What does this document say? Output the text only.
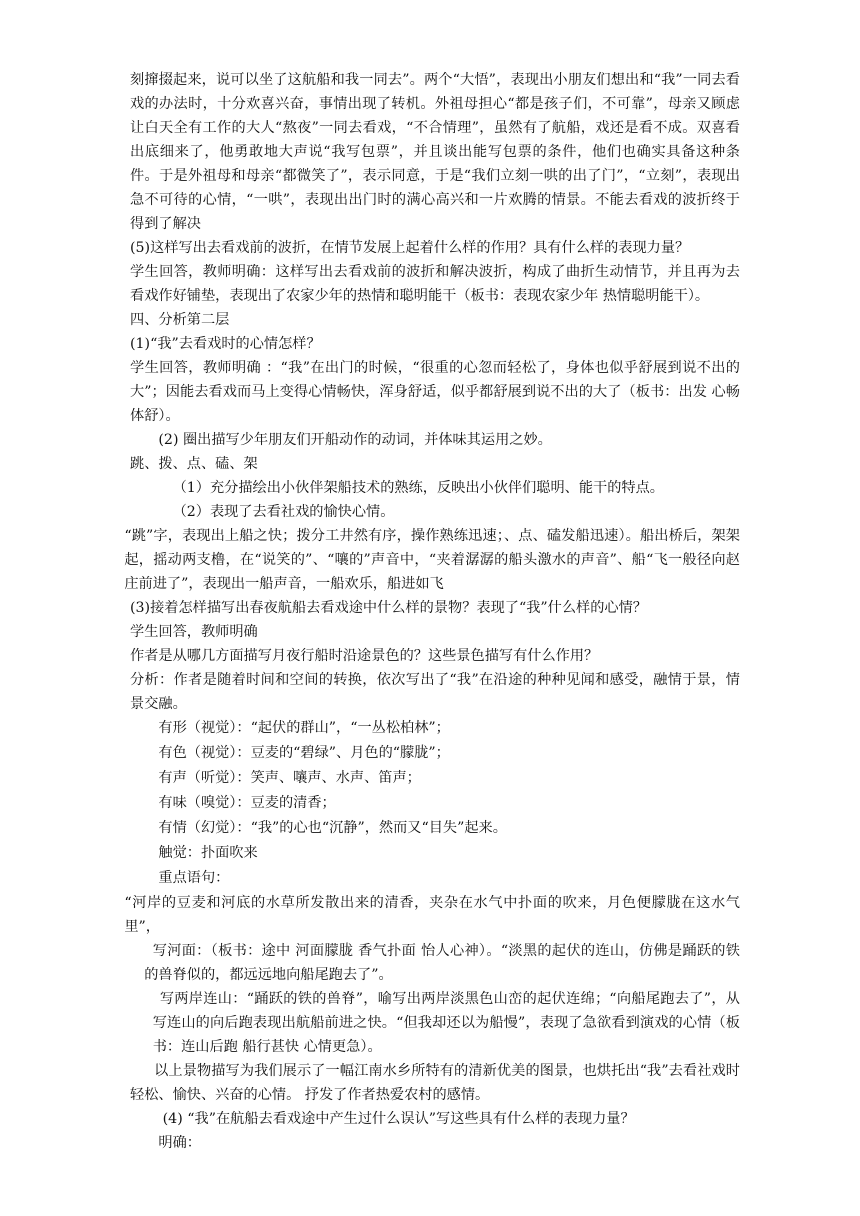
刻撺掇起来，说可以坐了这航船和我一同去”。两个“大悟”，表现出小朋友们想出和“我”一同去看戏的办法时，十分欢喜兴奋，事情出现了转机。外祖母担心“都是孩子们，不可靠”，母亲又顾虑让白天全有工作的大人“熬夜”一同去看戏，“不合情理”，虽然有了航船，戏还是看不成。双喜看出底细来了，他勇敢地大声说“我写包票”，并且谈出能写包票的条件，他们也确实具备这种条件。于是外祖母和母亲“都微笑了”，表示同意，于是“我们立刻一哄的出了门”，“立刻”，表现出急不可待的心情，“一哄”，表现出出门时的满心高兴和一片欢腾的情景。不能去看戏的波折终于得到了解决

(5)这样写出去看戏前的波折，在情节发展上起着什么样的作用？具有什么样的表现力量？

学生回答，教师明确：这样写出去看戏前的波折和解决波折，构成了曲折生动情节，并且再为去看戏作好铺垫，表现出了农家少年的热情和聪明能干（板书：表现农家少年 热情聪明能干）。

四、分析第二层

(1)“我”去看戏时的心情怎样？

学生回答，教师明确 ：“我”在出门的时候，“很重的心忽而轻松了，身体也似乎舒展到说不出的大”；因能去看戏而马上变得心情畅快，浑身舒适，似乎都舒展到说不出的大了（板书：出发 心畅体舒）。

(2) 圈出描写少年朋友们开船动作的动词，并体味其运用之妙。

跳、拨、点、磕、架

（1）充分描绘出小伙伴架船技术的熟练，反映出小伙伴们聪明、能干的特点。

（2）表现了去看社戏的愉快心情。

“跳”字，表现出上船之快；拨分工井然有序，操作熟练迅速；、点、磕发船迅速）。船出桥后，架架起，摇动两支橹，在“说笑的”、“嚷的”声音中，“夹着潺潺的船头激水的声音”、船“飞一般径向赵庄前进了”，表现出一船声音，一船欢乐，船进如飞

(3)接着怎样描写出春夜航船去看戏途中什么样的景物？表现了“我”什么样的心情？

学生回答，教师明确

作者是从哪几方面描写月夜行船时沿途景色的？这些景色描写有什么作用？

分析：作者是随着时间和空间的转换，依次写出了“我”在沿途的种种见闻和感受，融情于景，情景交融。

有形（视觉）：“起伏的群山”，“一丛松柏林”；

有色（视觉）：豆麦的“碧绿”、月色的“朦胧”；

有声（听觉）：笑声、嚷声、水声、笛声；

有味（嗅觉）：豆麦的清香；

有情（幻觉）：“我”的心也“沉静”，然而又“目失”起来。

触觉：扑面吹来

重点语句：

“河岸的豆麦和河底的水草所发散出来的清香，夹杂在水气中扑面的吹来，月色便朦胧在这水气里”，

写河面：（板书：途中 河面朦胧 香气扑面 怡人心神）。“淡黑的起伏的连山，仿佛是踊跃的铁的兽脊似的，都远远地向船尾跑去了”。

写两岸连山：“踊跃的铁的兽脊”，喻写出两岸淡黑色山峦的起伏连绵；“向船尾跑去了”，从写连山的向后跑表现出航船前进之快。“但我却还以为船慢”，表现了急欲看到演戏的心情（板书：连山后跑 船行甚快 心情更急）。

以上景物描写为我们展示了一幅江南水乡所特有的清新优美的图景，也烘托出“我”去看社戏时轻松、愉快、兴奋的心情。 抒发了作者热爱农村的感情。

(4) “我”在航船去看戏途中产生过什么误认”写这些具有什么样的表现力量？

明确：
